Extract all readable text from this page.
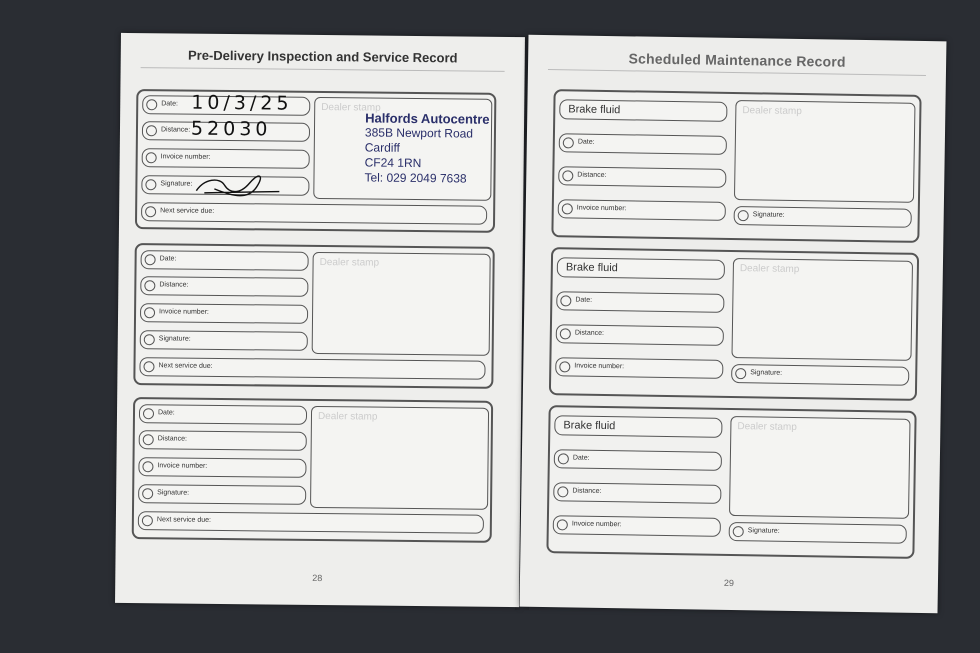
Pre-Delivery Inspection and Service Record
Date: 10/3/25
Distance: 52030
Invoice number:
Signature:
Next service due:
Dealer stamp
Halfords Autocentre
385B Newport Road
Cardiff
CF24 1RN
Tel: 029 2049 7638
Date:
Distance:
Invoice number:
Signature:
Next service due:
Dealer stamp
Date:
Distance:
Invoice number:
Signature:
Next service due:
Dealer stamp
28
Scheduled Maintenance Record
Brake fluid
Date:
Distance:
Invoice number:
Dealer stamp
Signature:
Brake fluid
Date:
Distance:
Invoice number:
Dealer stamp
Signature:
Brake fluid
Date:
Distance:
Invoice number:
Dealer stamp
Signature:
29
